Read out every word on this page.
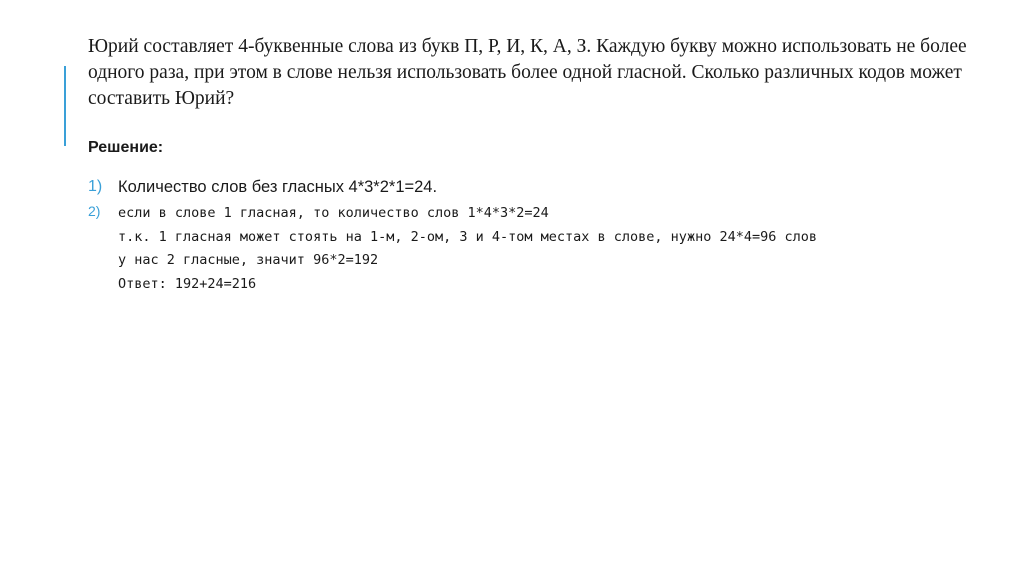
Юрий составляет 4-буквенные слова из букв П, Р, И, К, А, З. Каждую букву можно использовать не более одного раза, при этом в слове нельзя использовать более одной гласной. Сколько различных кодов может составить Юрий?

Решение:

1) Количество слов без гласных 4*3*2*1=24.
2)	если в слове 1 гласная, то количество слов 1*4*3*2=24
т.к. 1 гласная может стоять на 1-м, 2-ом, 3 и 4-том местах в слове, нужно 24*4=96 слов
у нас 2 гласные, значит 96*2=192
Ответ: 192+24=216
